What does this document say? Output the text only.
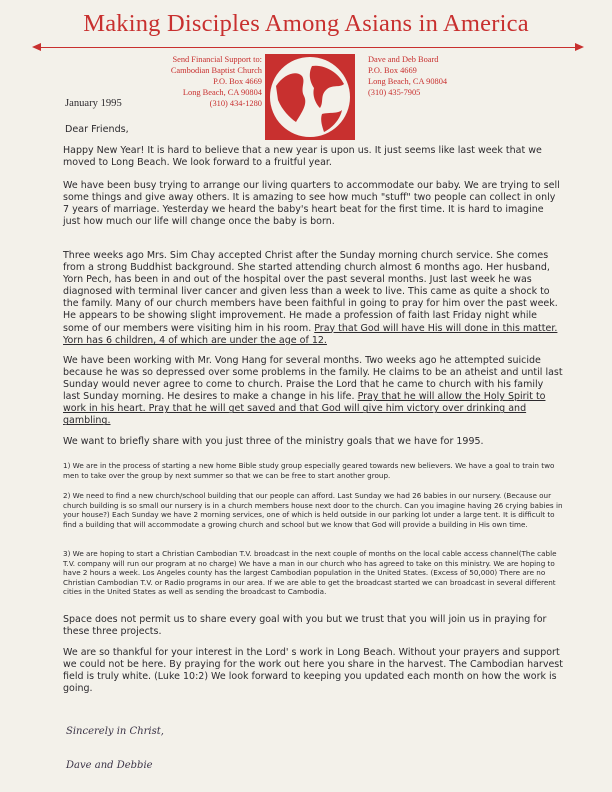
Making Disciples Among Asians in America
Send Financial Support to:
Cambodian Baptist Church
P.O. Box 4669
Long Beach, CA 90804
(310) 434-1280
Dave and Deb Board
P.O. Box 4669
Long Beach, CA 90804
(310) 435-7905
January 1995
Dear Friends,
Happy New Year! It is hard to believe that a new year is upon us. It just seems like last week that we moved to Long Beach. We look forward to a fruitful year.
We have been busy trying to arrange our living quarters to accommodate our baby. We are trying to sell some things and give away others. It is amazing to see how much "stuff" two people can collect in only 7 years of marriage. Yesterday we heard the baby's heart beat for the first time. It is hard to imagine just how much our life will change once the baby is born.
Three weeks ago Mrs. Sim Chay accepted Christ after the Sunday morning church service. She comes from a strong Buddhist background. She started attending church almost 6 months ago. Her husband, Yorn Pech, has been in and out of the hospital over the past several months. Just last week he was diagnosed with terminal liver cancer and given less than a week to live. This came as quite a shock to the family. Many of our church members have been faithful in going to pray for him over the past week. He appears to be showing slight improvement. He made a profession of faith last Friday night while some of our members were visiting him in his room. Pray that God will have His will done in this matter. Yorn has 6 children, 4 of which are under the age of 12.
We have been working with Mr. Vong Hang for several months. Two weeks ago he attempted suicide because he was so depressed over some problems in the family. He claims to be an atheist and until last Sunday would never agree to come to church. Praise the Lord that he came to church with his family last Sunday morning. He desires to make a change in his life. Pray that he will allow the Holy Spirit to work in his heart. Pray that he will get saved and that God will give him victory over drinking and gambling.
We want to briefly share with you just three of the ministry goals that we have for 1995.
1) We are in the process of starting a new home Bible study group especially geared towards new believers. We have a goal to train two men to take over the group by next summer so that we can be free to start another group.
2) We need to find a new church/school building that our people can afford. Last Sunday we had 26 babies in our nursery. (Because our church building is so small our nursery is in a church members house next door to the church. Can you imagine having 26 crying babies in your house?) Each Sunday we have 2 morning services, one of which is held outside in our parking lot under a large tent. It is difficult to find a building that will accommodate a growing church and school but we know that God will provide a building in His own time.
3) We are hoping to start a Christian Cambodian T.V. broadcast in the next couple of months on the local cable access channel(The cable T.V. company will run our program at no charge) We have a man in our church who has agreed to take on this ministry. We are hoping to have 2 hours a week. Los Angeles county has the largest Cambodian population in the United States. (Excess of 50,000) There are no Christian Cambodian T.V. or Radio programs in our area. If we are able to get the broadcast started we can broadcast in several different cities in the United States as well as sending the broadcast to Cambodia.
Space does not permit us to share every goal with you but we trust that you will join us in praying for these three projects.
We are so thankful for your interest in the Lord' s work in Long Beach. Without your prayers and support we could not be here. By praying for the work out here you share in the harvest. The Cambodian harvest field is truly white. (Luke 10:2) We look forward to keeping you updated each month on how the work is going.
Sincerely in Christ,
Dave and Debbie
